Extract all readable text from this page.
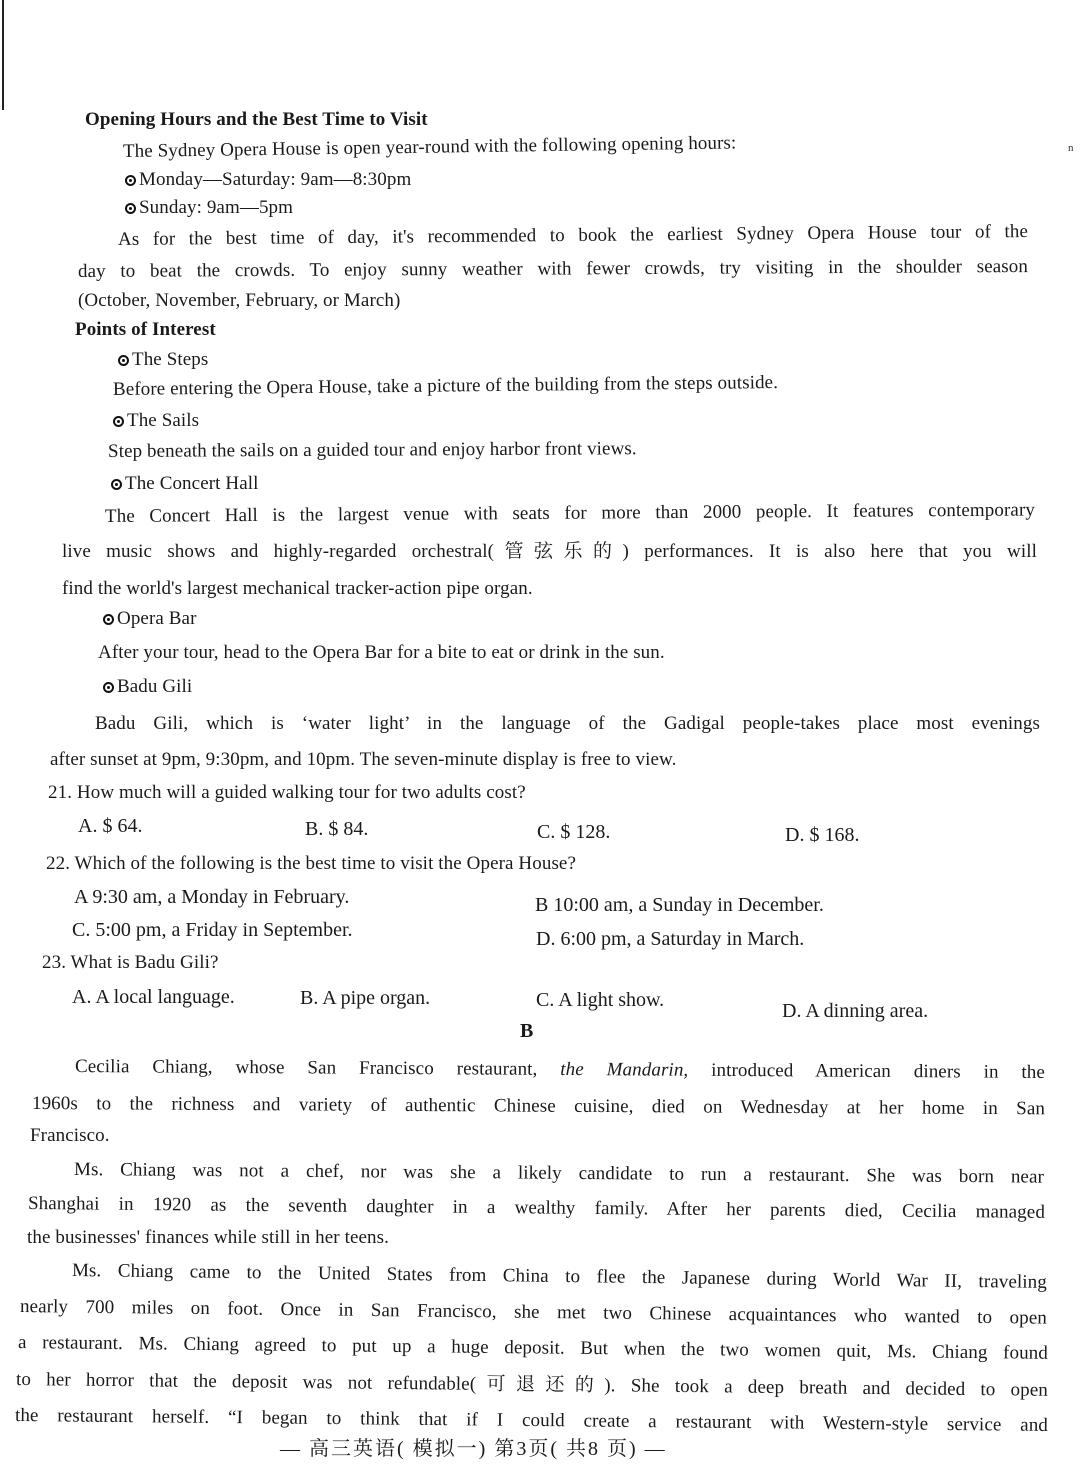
n
Opening Hours and the Best Time to Visit
The Sydney Opera House is open year-round with the following opening hours:
Monday—Saturday: 9am—8:30pm
Sunday: 9am—5pm
As for the best time of day, it's recommended to book the earliest Sydney Opera House tour of the
day to beat the crowds. To enjoy sunny weather with fewer crowds, try visiting in the shoulder season
(October, November, February, or March)
Points of Interest
The Steps
Before entering the Opera House, take a picture of the building from the steps outside.
The Sails
Step beneath the sails on a guided tour and enjoy harbor front views.
The Concert Hall
The Concert Hall is the largest venue with seats for more than 2000 people. It features contemporary
live music shows and highly-regarded orchestral(管弦乐的) performances. It is also here that you will
find the world's largest mechanical tracker-action pipe organ.
Opera Bar
After your tour, head to the Opera Bar for a bite to eat or drink in the sun.
Badu Gili
Badu Gili, which is ‘water light’ in the language of the Gadigal people-takes place most evenings
after sunset at 9pm, 9:30pm, and 10pm. The seven-minute display is free to view.
21. How much will a guided walking tour for two adults cost?
A. $ 64.	B. $ 84.	C. $ 128.	D. $ 168.
22. Which of the following is the best time to visit the Opera House?
A 9:30 am, a Monday in February.	B 10:00 am, a Sunday in December.
C. 5:00 pm, a Friday in September.	D. 6:00 pm, a Saturday in March.
23. What is Badu Gili?
A. A local language.	B. A pipe organ.	C. A light show.	D. A dinning area.
B
Cecilia Chiang, whose San Francisco restaurant, the Mandarin, introduced American diners in the
1960s to the richness and variety of authentic Chinese cuisine, died on Wednesday at her home in San
Francisco.
Ms. Chiang was not a chef, nor was she a likely candidate to run a restaurant. She was born near
Shanghai in 1920 as the seventh daughter in a wealthy family. After her parents died, Cecilia managed
the businesses' finances while still in her teens.
Ms. Chiang came to the United States from China to flee the Japanese during World War II, traveling
nearly 700 miles on foot. Once in San Francisco, she met two Chinese acquaintances who wanted to open
a restaurant. Ms. Chiang agreed to put up a huge deposit. But when the two women quit, Ms. Chiang found
to her horror that the deposit was not refundable(可退还的). She took a deep breath and decided to open
the restaurant herself. “I began to think that if I could create a restaurant with Western-style service and
— 高三英语( 模拟一) 第3页( 共8 页) —
